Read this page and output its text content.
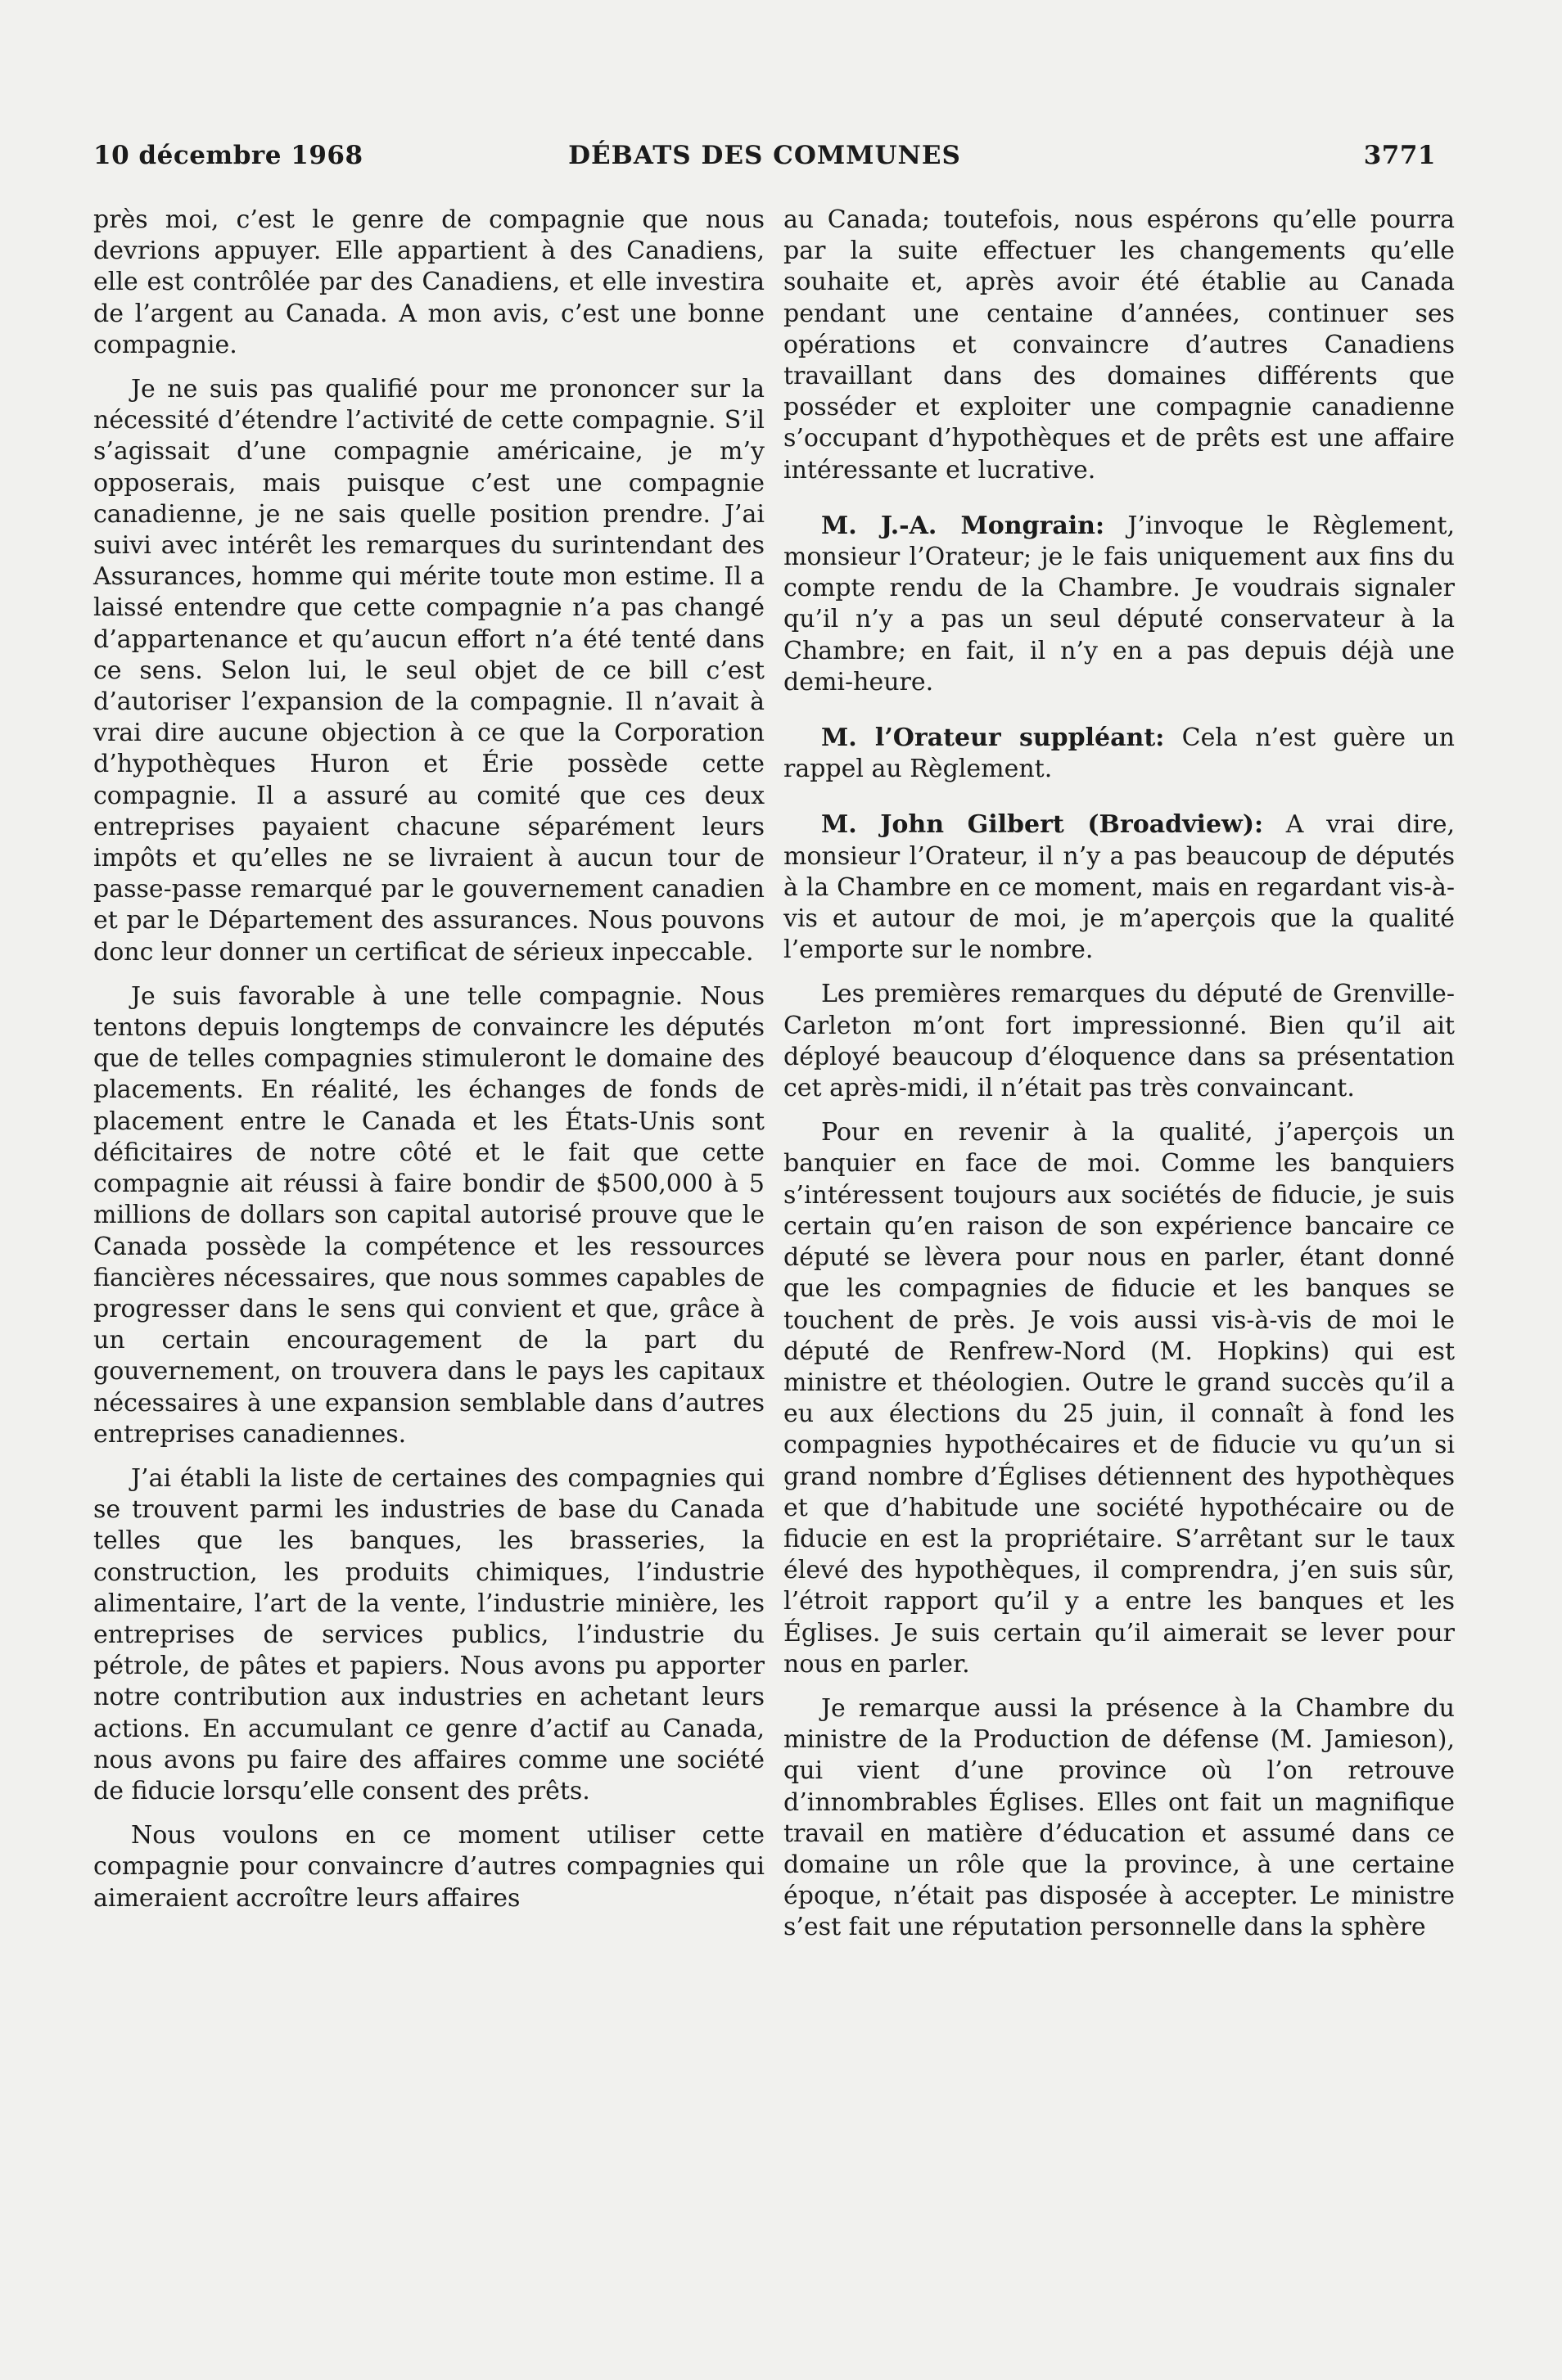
10 décembre 1968	DÉBATS DES COMMUNES	3771

près moi, c’est le genre de compagnie que nous devrions appuyer. Elle appartient à des Canadiens, elle est contrôlée par des Canadiens, et elle investira de l’argent au Canada. A mon avis, c’est une bonne compagnie.

Je ne suis pas qualifié pour me prononcer sur la nécessité d’étendre l’activité de cette compagnie. S’il s’agissait d’une compagnie américaine, je m’y opposerais, mais puisque c’est une compagnie canadienne, je ne sais quelle position prendre. J’ai suivi avec intérêt les remarques du surintendant des Assurances, homme qui mérite toute mon estime. Il a laissé entendre que cette compagnie n’a pas changé d’appartenance et qu’aucun effort n’a été tenté dans ce sens. Selon lui, le seul objet de ce bill c’est d’autoriser l’expansion de la compagnie. Il n’avait à vrai dire aucune objection à ce que la Corporation d’hypothèques Huron et Érie possède cette compagnie. Il a assuré au comité que ces deux entreprises payaient chacune séparément leurs impôts et qu’elles ne se livraient à aucun tour de passe-passe remarqué par le gouvernement canadien et par le Département des assurances. Nous pouvons donc leur donner un certificat de sérieux inpeccable.

Je suis favorable à une telle compagnie. Nous tentons depuis longtemps de convaincre les députés que de telles compagnies stimuleront le domaine des placements. En réalité, les échanges de fonds de placement entre le Canada et les États-Unis sont déficitaires de notre côté et le fait que cette compagnie ait réussi à faire bondir de $500,000 à 5 millions de dollars son capital autorisé prouve que le Canada possède la compétence et les ressources fiancières nécessaires, que nous sommes capables de progresser dans le sens qui convient et que, grâce à un certain encouragement de la part du gouvernement, on trouvera dans le pays les capitaux nécessaires à une expansion semblable dans d’autres entreprises canadiennes.

J’ai établi la liste de certaines des compagnies qui se trouvent parmi les industries de base du Canada telles que les banques, les brasseries, la construction, les produits chimiques, l’industrie alimentaire, l’art de la vente, l’industrie minière, les entreprises de services publics, l’industrie du pétrole, de pâtes et papiers. Nous avons pu apporter notre contribution aux industries en achetant leurs actions. En accumulant ce genre d’actif au Canada, nous avons pu faire des affaires comme une société de fiducie lorsqu’elle consent des prêts.

Nous voulons en ce moment utiliser cette compagnie pour convaincre d’autres compagnies qui aimeraient accroître leurs affaires

au Canada; toutefois, nous espérons qu’elle pourra par la suite effectuer les changements qu’elle souhaite et, après avoir été établie au Canada pendant une centaine d’années, continuer ses opérations et convaincre d’autres Canadiens travaillant dans des domaines différents que posséder et exploiter une compagnie canadienne s’occupant d’hypothèques et de prêts est une affaire intéressante et lucrative.

M. J.-A. Mongrain: J’invoque le Règlement, monsieur l’Orateur; je le fais uniquement aux fins du compte rendu de la Chambre. Je voudrais signaler qu’il n’y a pas un seul député conservateur à la Chambre; en fait, il n’y en a pas depuis déjà une demi-heure.

M. l’Orateur suppléant: Cela n’est guère un rappel au Règlement.

M. John Gilbert (Broadview): A vrai dire, monsieur l’Orateur, il n’y a pas beaucoup de députés à la Chambre en ce moment, mais en regardant vis-à-vis et autour de moi, je m’aperçois que la qualité l’emporte sur le nombre.

Les premières remarques du député de Grenville-Carleton m’ont fort impressionné. Bien qu’il ait déployé beaucoup d’éloquence dans sa présentation cet après-midi, il n’était pas très convaincant.

Pour en revenir à la qualité, j’aperçois un banquier en face de moi. Comme les banquiers s’intéressent toujours aux sociétés de fiducie, je suis certain qu’en raison de son expérience bancaire ce député se lèvera pour nous en parler, étant donné que les compagnies de fiducie et les banques se touchent de près. Je vois aussi vis-à-vis de moi le député de Renfrew-Nord (M. Hopkins) qui est ministre et théologien. Outre le grand succès qu’il a eu aux élections du 25 juin, il connaît à fond les compagnies hypothécaires et de fiducie vu qu’un si grand nombre d’Églises détiennent des hypothèques et que d’habitude une société hypothécaire ou de fiducie en est la propriétaire. S’arrêtant sur le taux élevé des hypothèques, il comprendra, j’en suis sûr, l’étroit rapport qu’il y a entre les banques et les Églises. Je suis certain qu’il aimerait se lever pour nous en parler.

Je remarque aussi la présence à la Chambre du ministre de la Production de défense (M. Jamieson), qui vient d’une province où l’on retrouve d’innombrables Églises. Elles ont fait un magnifique travail en matière d’éducation et assumé dans ce domaine un rôle que la province, à une certaine époque, n’était pas disposée à accepter. Le ministre s’est fait une réputation personnelle dans la sphère
